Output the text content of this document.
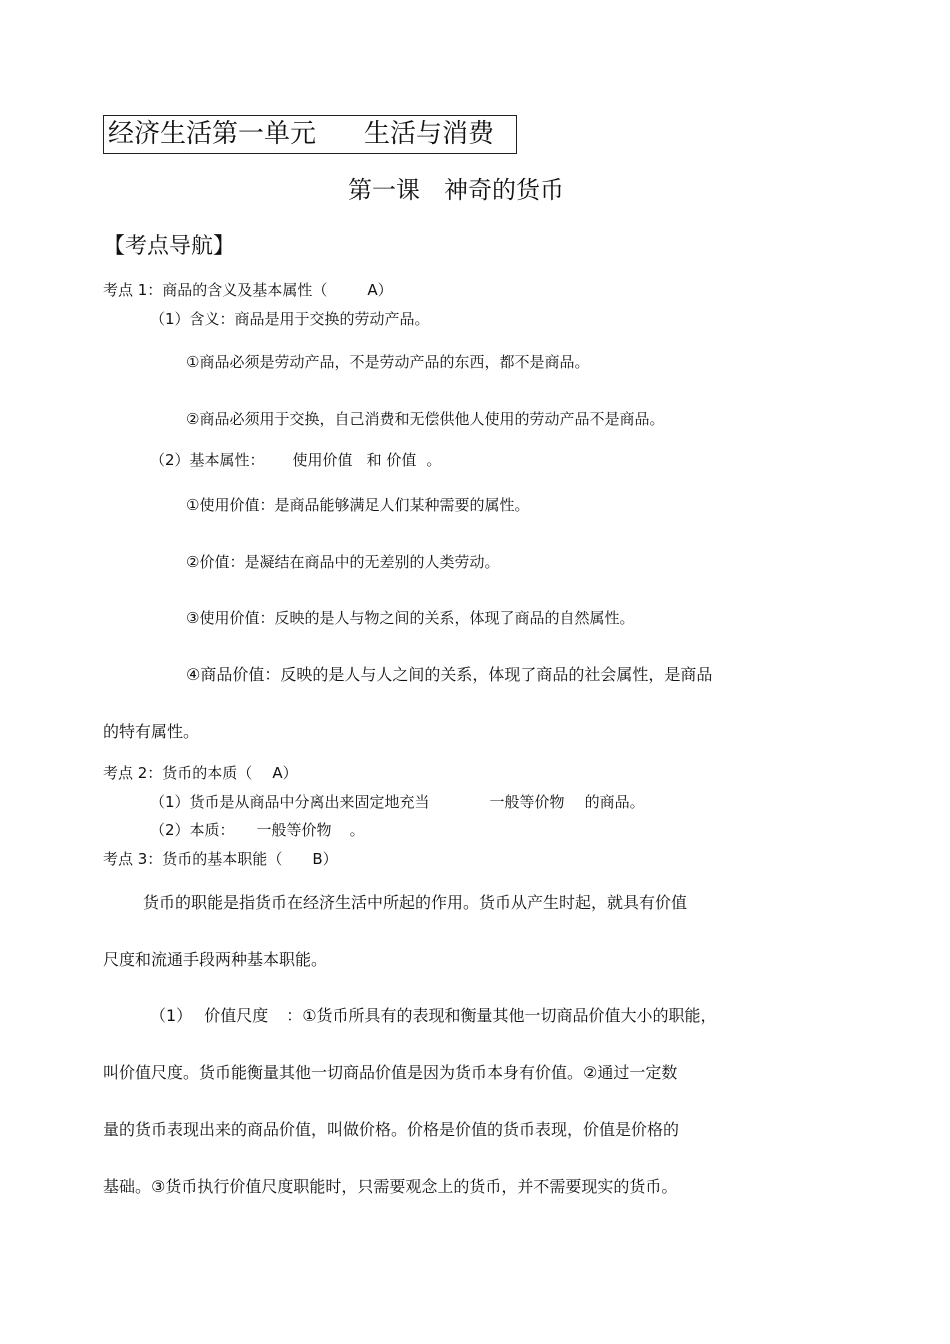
经济生活第一单元 生活与消费
第一课 神奇的货币
【考点导航】
考点 1：商品的含义及基本属性（	A）
（1）含义：商品是用于交换的劳动产品。
①商品必须是劳动产品，不是劳动产品的东西，都不是商品。
②商品必须用于交换，自己消费和无偿供他人使用的劳动产品不是商品。
（2）基本属性： 使用价值 和 价值 。
①使用价值：是商品能够满足人们某种需要的属性。
②价值：是凝结在商品中的无差别的人类劳动。
③使用价值：反映的是人与物之间的关系，体现了商品的自然属性。
④商品价值：反映的是人与人之间的关系，体现了商品的社会属性，是商品
的特有属性。
考点 2：货币的本质（ A）
（1）货币是从商品中分离出来固定地充当	一般等价物 的商品。
（2）本质： 一般等价物 。
考点 3：货币的基本职能（ B）
货币的职能是指货币在经济生活中所起的作用。货币从产生时起，就具有价值
尺度和流通手段两种基本职能。
（1） 价值尺度 ：①货币所具有的表现和衡量其他一切商品价值大小的职能，
叫价值尺度。货币能衡量其他一切商品价值是因为货币本身有价值。②通过一定数
量的货币表现出来的商品价值，叫做价格。价格是价值的货币表现，价值是价格的
基础。③货币执行价值尺度职能时，只需要观念上的货币，并不需要现实的货币。
